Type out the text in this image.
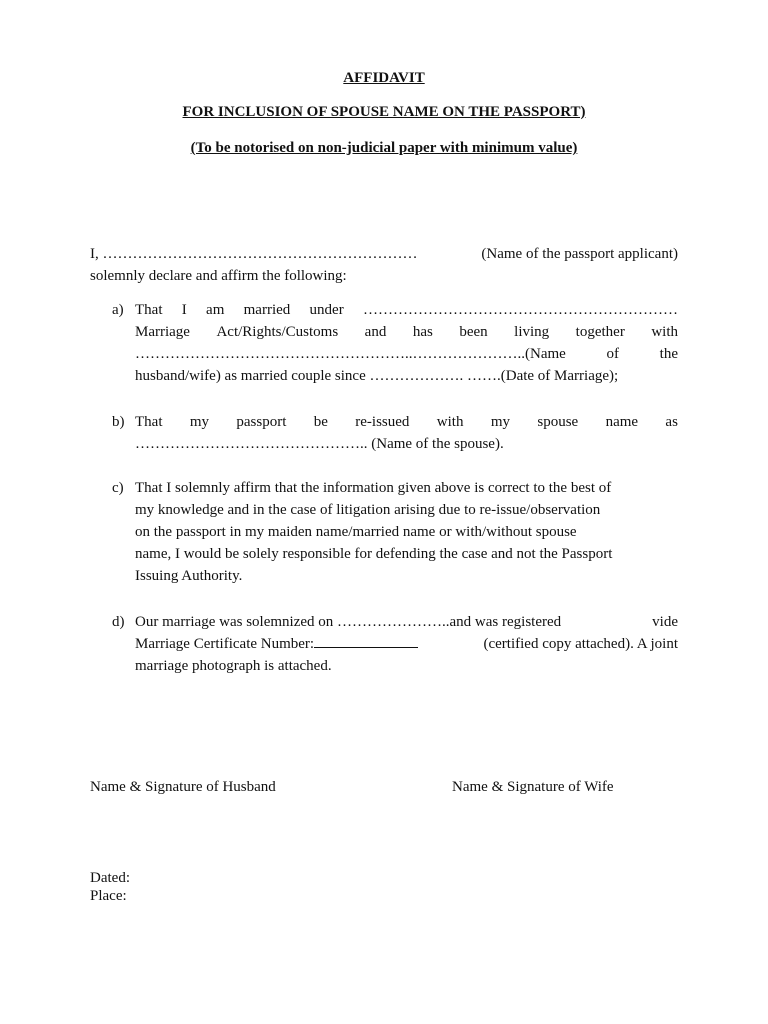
AFFIDAVIT
FOR INCLUSION OF SPOUSE NAME ON THE PASSPORT)
(To be notorised on non-judicial paper with minimum value)
I, ………………………………………………………	(Name of the passport applicant)
solemnly declare and affirm the following:
a) That I am married under ………………………………………………………
Marriage Act/Rights/Customs and has been living together with
………………………………………………..…………………..(Name	of	the
husband/wife) as married couple since ………………. …….(Date of Marriage);
b) That my passport be re-issued with my spouse name as
……………………………………….. (Name of the spouse).
c) That I solemnly affirm that the information given above is correct to the best of
my knowledge and in the case of litigation arising due to re-issue/observation
on the passport in my maiden name/married name or with/without spouse
name, I would be solely responsible for defending the case and not the Passport
Issuing Authority.
d) Our marriage was solemnized on …………………..and was registered	vide
Marriage Certificate Number:	(certified copy attached). A joint
marriage photograph is attached.
Name & Signature of Husband	Name & Signature of Wife
Dated:
Place:
